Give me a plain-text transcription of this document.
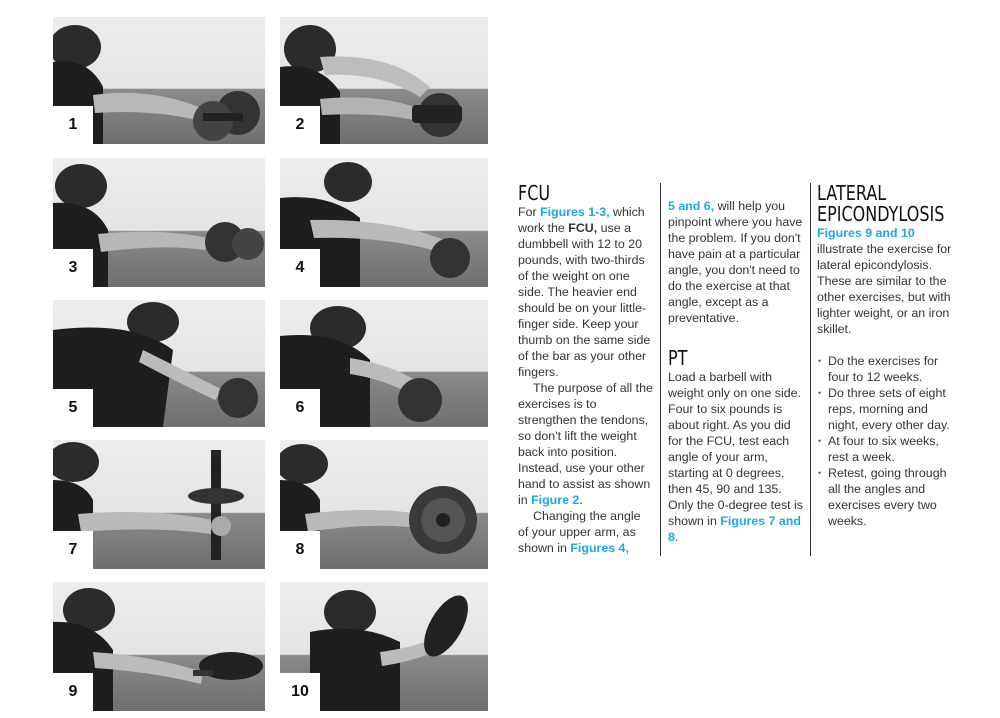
1	2
3	4
5	6
7	8
9	10
FCU

For Figures 1-3, which work the FCU, use a dumbbell with 12 to 20 pounds, with two-thirds of the weight on one side. The heavier end should be on your little-finger side. Keep your thumb on the same side of the bar as your other fingers.

The purpose of all the exercises is to strengthen the tendons, so don't lift the weight back into position. Instead, use your other hand to assist as shown in Figure 2.

Changing the angle of your upper arm, as shown in Figures 4,

5 and 6, will help you pinpoint where you have the problem. If you don't have pain at a particular angle, you don't need to do the exercise at that angle, except as a preventative.

PT

Load a barbell with weight only on one side. Four to six pounds is about right. As you did for the FCU, test each angle of your arm, starting at 0 degrees, then 45, 90 and 135. Only the 0-degree test is shown in Figures 7 and 8.

LATERAL
EPICONDYLOSIS

Figures 9 and 10 illustrate the exercise for lateral epicondylosis. These are similar to the other exercises, but with lighter weight, or an iron skillet.

• Do the exercises for four to 12 weeks.
• Do three sets of eight reps, morning and night, every other day.
• At four to six weeks, rest a week.
• Retest, going through all the angles and exercises every two weeks.
